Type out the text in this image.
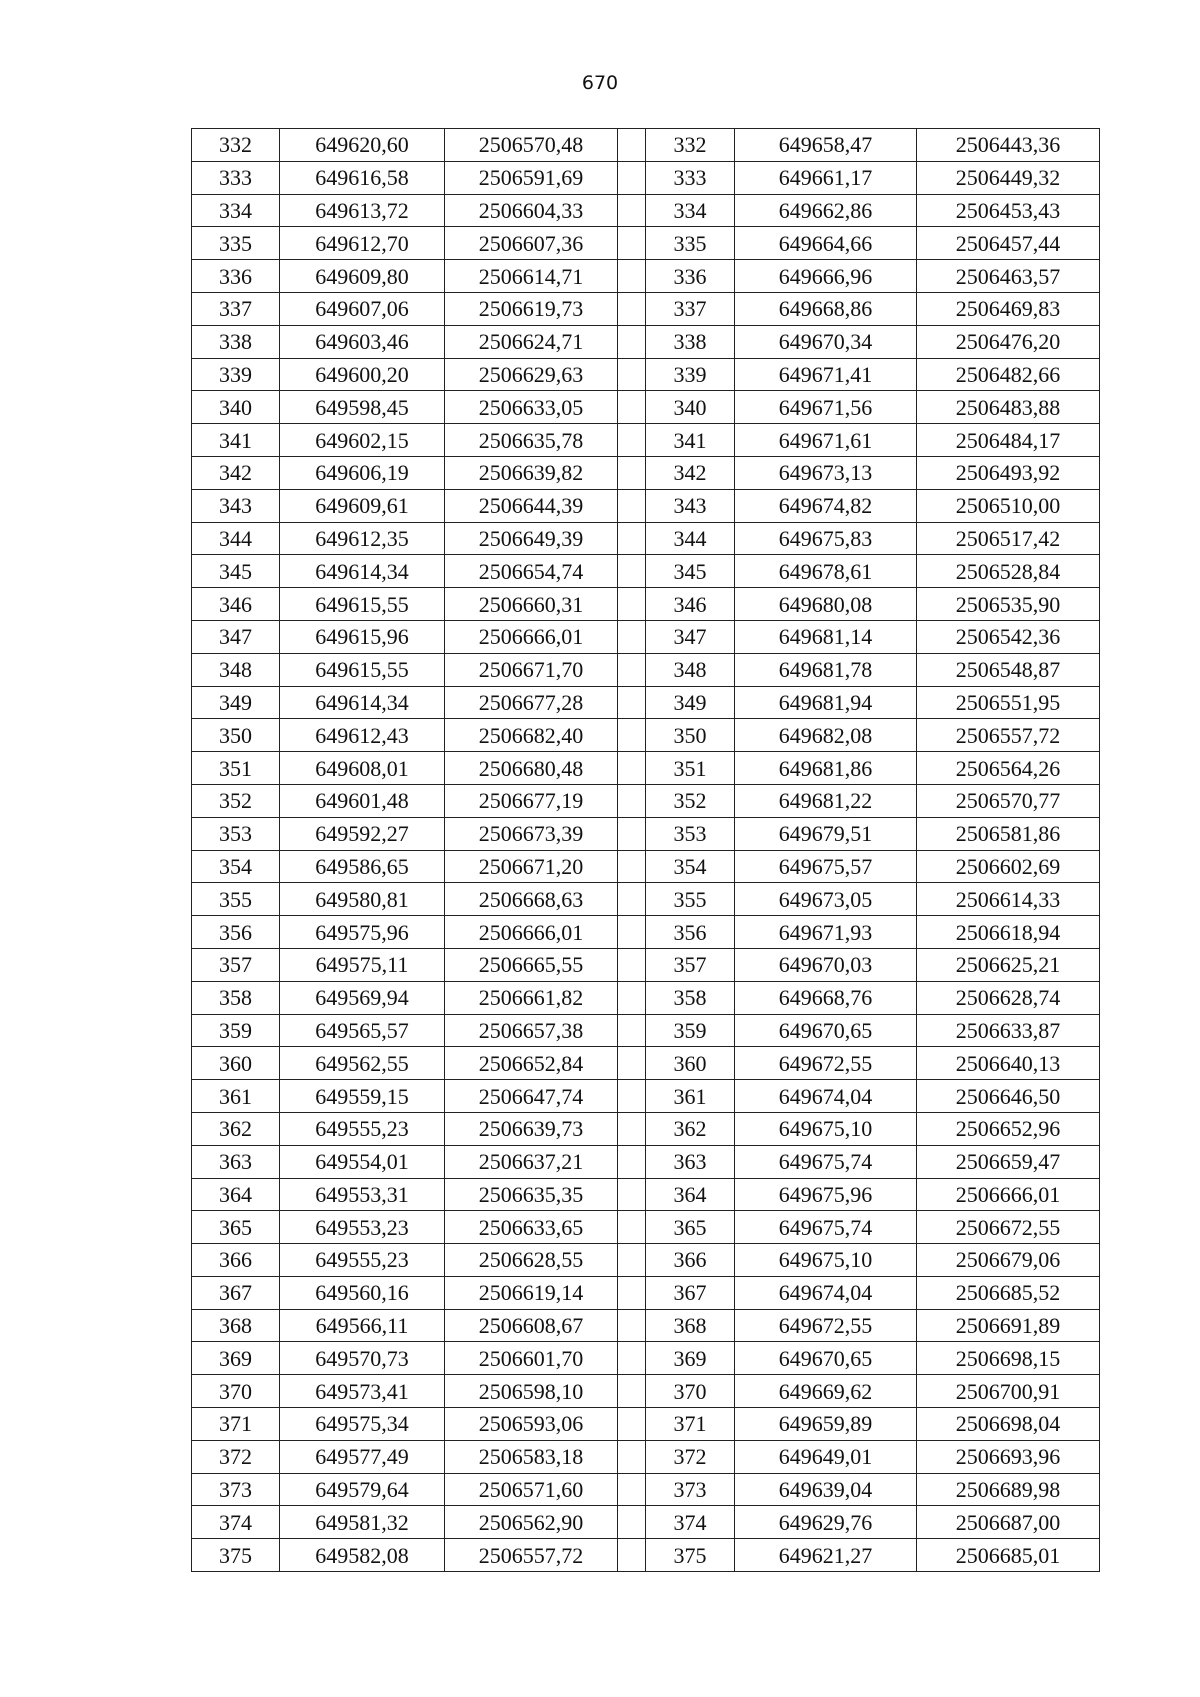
670
332	649620,60	2506570,48		332	649658,47	2506443,36
333	649616,58	2506591,69		333	649661,17	2506449,32
334	649613,72	2506604,33		334	649662,86	2506453,43
335	649612,70	2506607,36		335	649664,66	2506457,44
336	649609,80	2506614,71		336	649666,96	2506463,57
337	649607,06	2506619,73		337	649668,86	2506469,83
338	649603,46	2506624,71		338	649670,34	2506476,20
339	649600,20	2506629,63		339	649671,41	2506482,66
340	649598,45	2506633,05		340	649671,56	2506483,88
341	649602,15	2506635,78		341	649671,61	2506484,17
342	649606,19	2506639,82		342	649673,13	2506493,92
343	649609,61	2506644,39		343	649674,82	2506510,00
344	649612,35	2506649,39		344	649675,83	2506517,42
345	649614,34	2506654,74		345	649678,61	2506528,84
346	649615,55	2506660,31		346	649680,08	2506535,90
347	649615,96	2506666,01		347	649681,14	2506542,36
348	649615,55	2506671,70		348	649681,78	2506548,87
349	649614,34	2506677,28		349	649681,94	2506551,95
350	649612,43	2506682,40		350	649682,08	2506557,72
351	649608,01	2506680,48		351	649681,86	2506564,26
352	649601,48	2506677,19		352	649681,22	2506570,77
353	649592,27	2506673,39		353	649679,51	2506581,86
354	649586,65	2506671,20		354	649675,57	2506602,69
355	649580,81	2506668,63		355	649673,05	2506614,33
356	649575,96	2506666,01		356	649671,93	2506618,94
357	649575,11	2506665,55		357	649670,03	2506625,21
358	649569,94	2506661,82		358	649668,76	2506628,74
359	649565,57	2506657,38		359	649670,65	2506633,87
360	649562,55	2506652,84		360	649672,55	2506640,13
361	649559,15	2506647,74		361	649674,04	2506646,50
362	649555,23	2506639,73		362	649675,10	2506652,96
363	649554,01	2506637,21		363	649675,74	2506659,47
364	649553,31	2506635,35		364	649675,96	2506666,01
365	649553,23	2506633,65		365	649675,74	2506672,55
366	649555,23	2506628,55		366	649675,10	2506679,06
367	649560,16	2506619,14		367	649674,04	2506685,52
368	649566,11	2506608,67		368	649672,55	2506691,89
369	649570,73	2506601,70		369	649670,65	2506698,15
370	649573,41	2506598,10		370	649669,62	2506700,91
371	649575,34	2506593,06		371	649659,89	2506698,04
372	649577,49	2506583,18		372	649649,01	2506693,96
373	649579,64	2506571,60		373	649639,04	2506689,98
374	649581,32	2506562,90		374	649629,76	2506687,00
375	649582,08	2506557,72		375	649621,27	2506685,01
